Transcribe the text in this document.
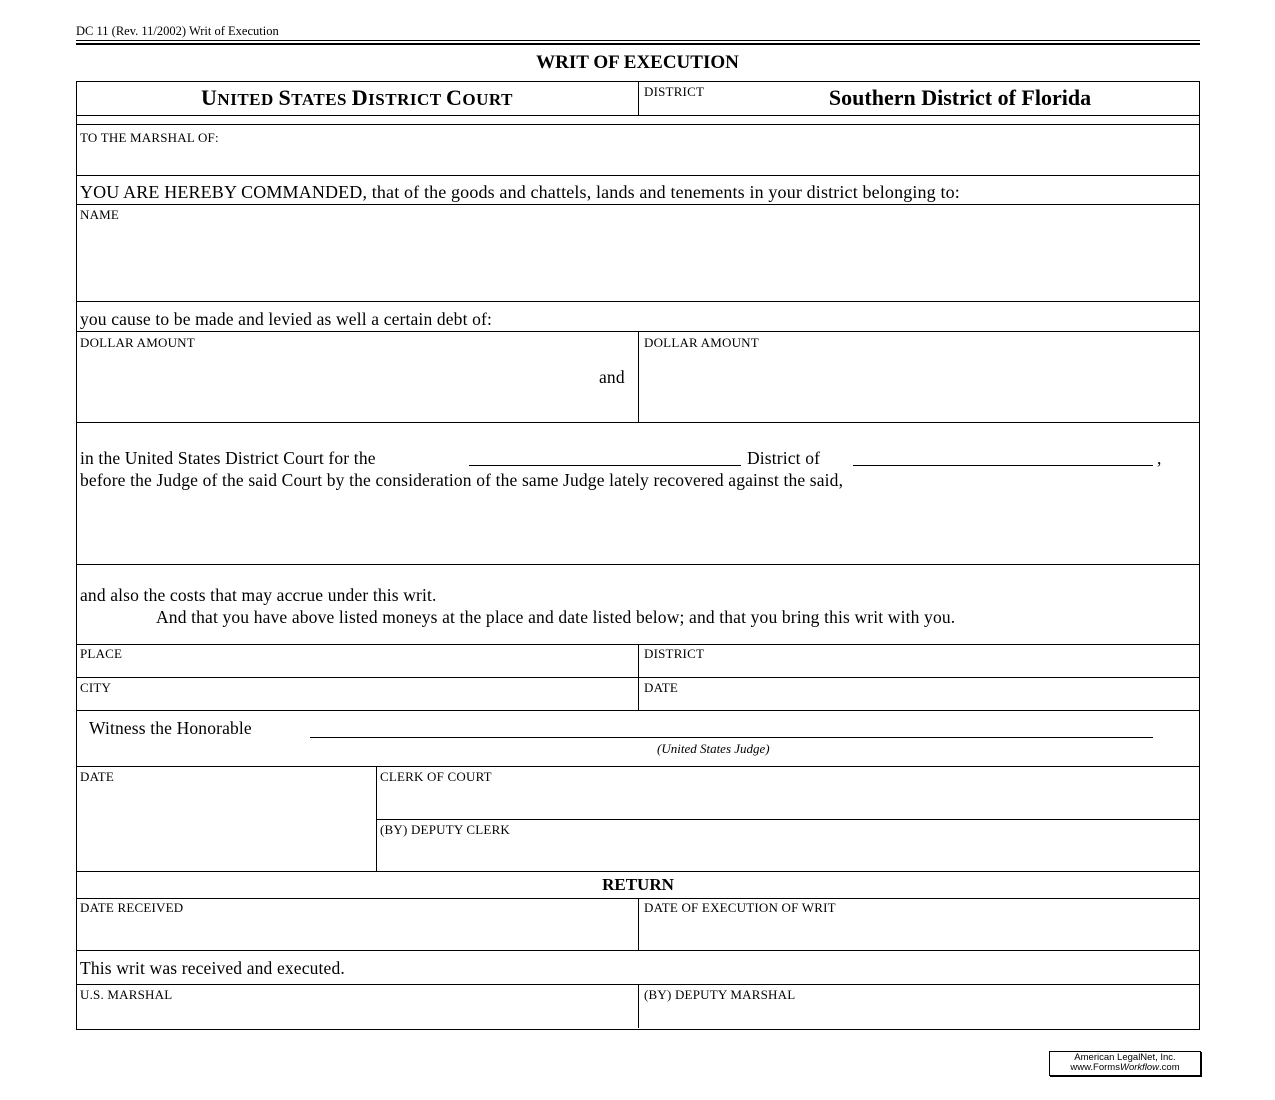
DC 11 (Rev. 11/2002) Writ of Execution
WRIT OF EXECUTION
UNITED STATES DISTRICT COURT	DISTRICT	Southern District of Florida
TO THE MARSHAL OF:
YOU ARE HEREBY COMMANDED, that of the goods and chattels, lands and tenements in your district belonging to:
NAME
you cause to be made and levied as well a certain debt of:
DOLLAR AMOUNT	DOLLAR AMOUNT
and
in the United States District Court for the	District of	,
before the Judge of the said Court by the consideration of the same Judge lately recovered against the said,
and also the costs that may accrue under this writ.
And that you have above listed moneys at the place and date listed below; and that you bring this writ with you.
PLACE	DISTRICT
CITY	DATE
Witness the Honorable
(United States Judge)
DATE	CLERK OF COURT
(BY) DEPUTY CLERK
RETURN
DATE RECEIVED	DATE OF EXECUTION OF WRIT
This writ was received and executed.
U.S. MARSHAL	(BY) DEPUTY MARSHAL
American LegalNet, Inc.
www.FormsWorkflow.com
